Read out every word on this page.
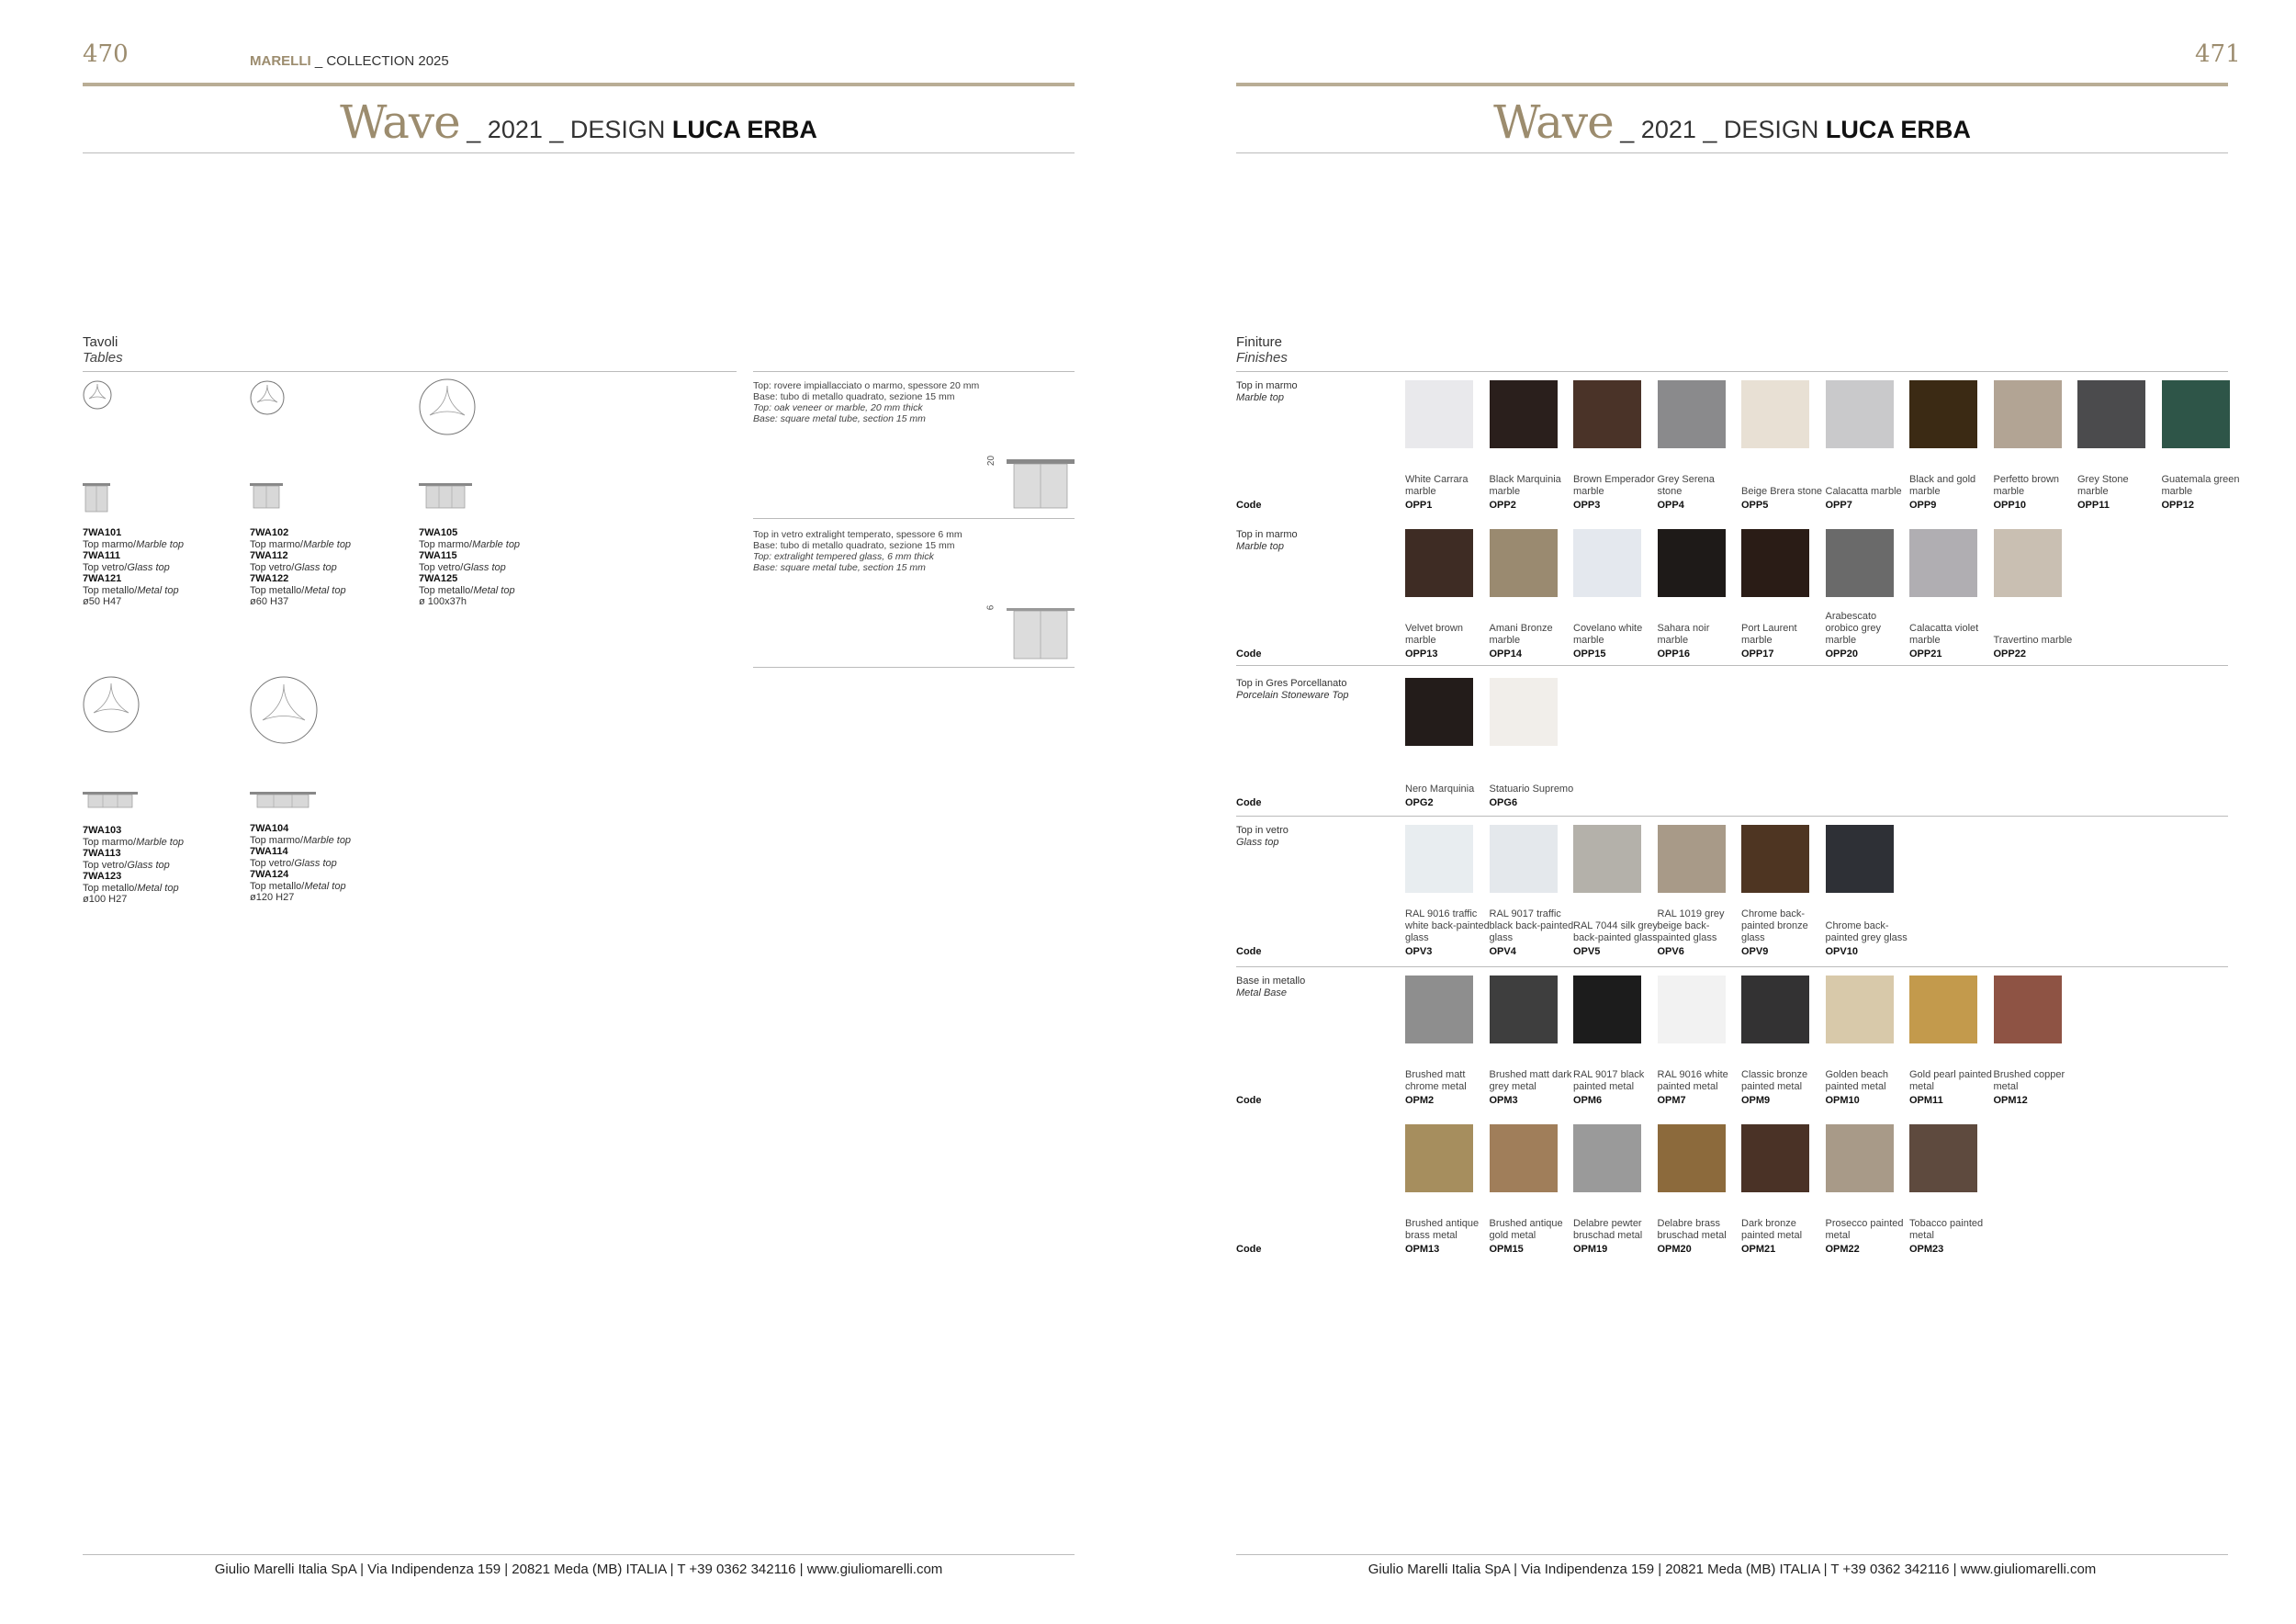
470	MARELLI _ COLLECTION 2025
Wave _ 2021 _ DESIGN LUCA ERBA
Tavoli
Tables
7WA101
Top marmo/Marble top
7WA111
Top vetro/Glass top
7WA121
Top metallo/Metal top
ø50 H47
7WA102
Top marmo/Marble top
7WA112
Top vetro/Glass top
7WA122
Top metallo/Metal top
ø60 H37
7WA105
Top marmo/Marble top
7WA115
Top vetro/Glass top
7WA125
Top metallo/Metal top
ø 100x37h
7WA103
Top marmo/Marble top
7WA113
Top vetro/Glass top
7WA123
Top metallo/Metal top
ø100 H27
7WA104
Top marmo/Marble top
7WA114
Top vetro/Glass top
7WA124
Top metallo/Metal top
ø120 H27
Top: rovere impiallacciato o marmo, spessore 20 mm
Base: tubo di metallo quadrato, sezione 15 mm
Top: oak veneer or marble, 20 mm thick
Base: square metal tube, section 15 mm
20
Top in vetro extralight temperato, spessore 6 mm
Base: tubo di metallo quadrato, sezione 15 mm
Top: extralight tempered glass, 6 mm thick
Base: square metal tube, section 15 mm
6
Giulio Marelli Italia SpA | Via Indipendenza 159 | 20821 Meda (MB) ITALIA | T +39 0362 342116 | www.giuliomarelli.com
471
Wave _ 2021 _ DESIGN LUCA ERBA
Finiture
Finishes
Top in marmo
Marble top
Code
White Carrara marble
OPP1
Black Marquinia marble
OPP2
Brown Emperador marble
OPP3
Grey Serena stone
OPP4
Beige Brera stone
OPP5
Calacatta marble
OPP7
Black and gold marble
OPP9
Perfetto brown marble
OPP10
Grey Stone marble
OPP11
Guatemala green marble
OPP12
Top in marmo
Marble top
Code
Velvet brown marble
OPP13
Amani Bronze marble
OPP14
Covelano white marble
OPP15
Sahara noir marble
OPP16
Port Laurent marble
OPP17
Arabescato orobico grey marble
OPP20
Calacatta violet marble
OPP21
Travertino marble
OPP22
Top in Gres Porcellanato
Porcelain Stoneware Top
Code
Nero Marquinia
OPG2
Statuario Supremo
OPG6
Top in vetro
Glass top
Code
RAL 9016 traffic white back-painted glass
OPV3
RAL 9017 traffic black back-painted glass
OPV4
RAL 7044 silk grey back-painted glass
OPV5
RAL 1019 grey beige back-painted glass
OPV6
Chrome back-painted bronze glass
OPV9
Chrome back-painted grey glass
OPV10
Base in metallo
Metal Base
Code
Brushed matt chrome metal
OPM2
Brushed matt dark grey metal
OPM3
RAL 9017 black painted metal
OPM6
RAL 9016 white painted metal
OPM7
Classic bronze painted metal
OPM9
Golden beach painted metal
OPM10
Gold pearl painted metal
OPM11
Brushed copper metal
OPM12
Code
Brushed antique brass metal
OPM13
Brushed antique gold metal
OPM15
Delabre pewter bruschad metal
OPM19
Delabre brass bruschad metal
OPM20
Dark bronze painted metal
OPM21
Prosecco painted metal
OPM22
Tobacco painted metal
OPM23
Giulio Marelli Italia SpA | Via Indipendenza 159 | 20821 Meda (MB) ITALIA | T +39 0362 342116 | www.giuliomarelli.com
